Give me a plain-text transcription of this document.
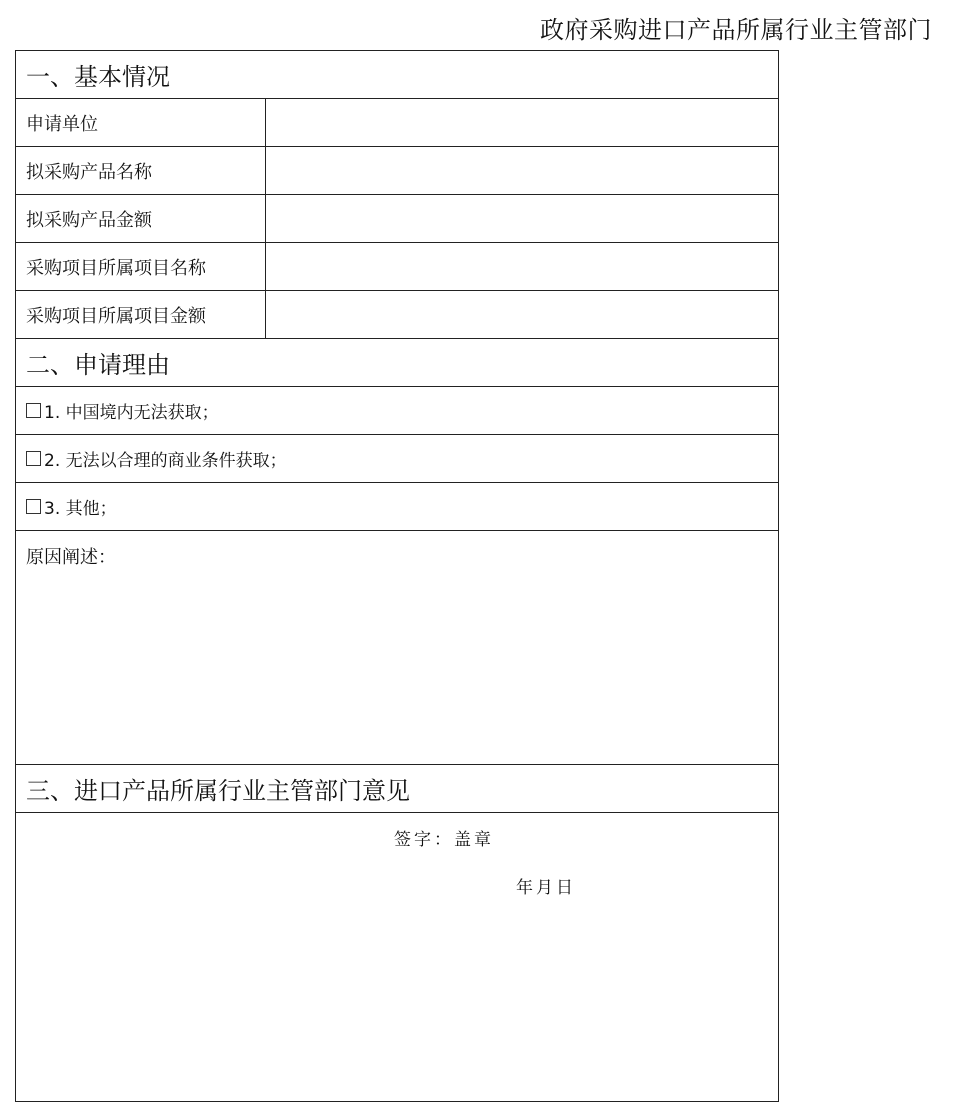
政府采购进口产品所属行业主管部门
一、基本情况
申请单位
拟采购产品名称
拟采购产品金额
采购项目所属项目名称
采购项目所属项目金额
二、申请理由
1. 中国境内无法获取；
2. 无法以合理的商业条件获取；
3. 其他；
原因阐述：
三、进口产品所属行业主管部门意见
签字：盖章
年月日
